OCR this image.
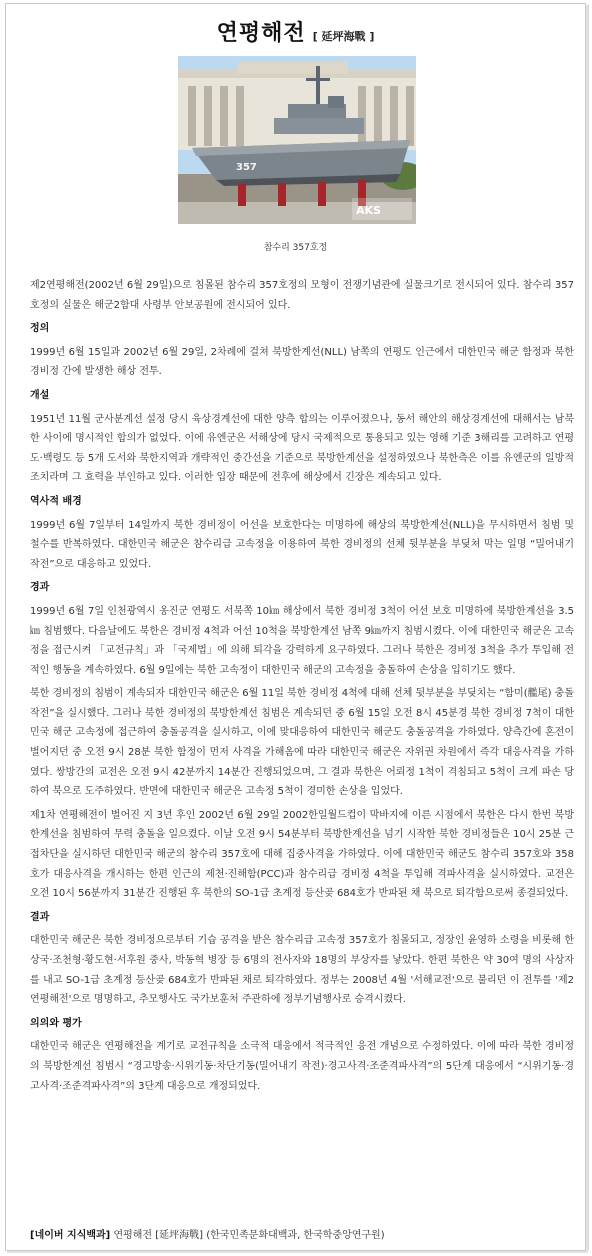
연평해전 [ 延坪海戰 ]
357
AKS
참수리 357호정

제2연평해전(2002년 6월 29일)으로 침몰된 참수리 357호정의 모형이 전쟁기념관에 실물크기로 전시되어 있다. 참수리 357호정의 실물은 해군2함대 사령부 안보공원에 전시되어 있다.

정의

1999년 6월 15일과 2002년 6월 29일, 2차례에 걸쳐 북방한계선(NLL) 남쪽의 연평도 인근에서 대한민국 해군 함정과 북한 경비정 간에 발생한 해상 전투.

개설

1951년 11월 군사분계선 설정 당시 육상경계선에 대한 양측 합의는 이루어졌으나, 동서 해안의 해상경계선에 대해서는 남북한 사이에 명시적인 합의가 없었다. 이에 유엔군은 서해상에 당시 국제적으로 통용되고 있는 영해 기준 3해리를 고려하고 연평도·백령도 등 5개 도서와 북한지역과 개략적인 중간선을 기준으로 북방한계선을 설정하였으나 북한측은 이를 유엔군의 일방적 조치라며 그 효력을 부인하고 있다. 이러한 입장 때문에 전후에 해상에서 긴장은 계속되고 있다.

역사적 배경

1999년 6월 7일부터 14일까지 북한 경비정이 어선을 보호한다는 미명하에 해상의 북방한계선(NLL)을 무시하면서 침범 및 철수를 반복하였다. 대한민국 해군은 참수리급 고속정을 이용하여 북한 경비정의 선체 뒷부분을 부딪쳐 막는 일명 “밀어내기 작전”으로 대응하고 있었다.

경과

1999년 6월 7일 인천광역시 옹진군 연평도 서북쪽 10㎞ 해상에서 북한 경비정 3척이 어선 보호 미명하에 북방한계선을 3.5㎞ 침범했다. 다음날에도 북한은 경비정 4척과 어선 10척을 북방한계선 남쪽 9㎞까지 침범시켰다. 이에 대한민국 해군은 고속정을 접근시켜 「교전규칙」과 「국제법」에 의해 퇴각을 강력하게 요구하였다. 그러나 북한은 경비정 3척을 추가 투입해 전적인 행동을 계속하였다. 6월 9일에는 북한 고속정이 대한민국 해군의 고속정을 충돌하여 손상을 입히기도 했다.

북한 경비정의 침범이 계속되자 대한민국 해군은 6월 11일 북한 경비정 4척에 대해 선체 뒷부분을 부딪치는 “함미(艦尾) 충돌작전”을 실시했다. 그러나 북한 경비정의 북방한계선 침범은 계속되던 중 6월 15일 오전 8시 45분경 북한 경비정 7척이 대한민국 해군 고속정에 접근하여 충돌공격을 실시하고, 이에 맞대응하여 대한민국 해군도 충돌공격을 가하였다. 양측간에 혼전이 벌어지던 중 오전 9시 28분 북한 함정이 먼저 사격을 가해옴에 따라 대한민국 해군은 자위권 차원에서 즉각 대응사격을 가하였다. 쌍방간의 교전은 오전 9시 42분까지 14분간 진행되었으며, 그 결과 북한은 어뢰정 1척이 격침되고 5척이 크게 파손 당하여 북으로 도주하였다. 반면에 대한민국 해군은 고속정 5척이 경미한 손상을 입었다.

제1차 연평해전이 벌어진 지 3년 후인 2002년 6월 29일 2002한일월드컵이 막바지에 이른 시점에서 북한은 다시 한번 북방한계선을 침범하여 무력 충돌을 일으켰다. 이날 오전 9시 54분부터 북방한계선을 넘기 시작한 북한 경비정들은 10시 25분 근접차단을 실시하던 대한민국 해군의 참수리 357호에 대해 집중사격을 가하였다. 이에 대한민국 해군도 참수리 357호와 358호가 대응사격을 개시하는 한편 인근의 제천·진해함(PCC)과 참수리급 경비정 4척을 투입해 격파사격을 실시하였다. 교전은 오전 10시 56분까지 31분간 진행된 후 북한의 SO-1급 초계정 등산곶 684호가 반파된 채 북으로 퇴각함으로써 종결되었다.

결과

대한민국 해군은 북한 경비정으로부터 기습 공격을 받은 참수리급 고속정 357호가 침몰되고, 정장인 윤영하 소령을 비롯해 한상국·조천형·황도현·서후원 중사, 박동혁 병장 등 6명의 전사자와 18명의 부상자를 낳았다. 한편 북한은 약 30여 명의 사상자를 내고 SO-1급 초계정 등산곶 684호가 반파된 채로 퇴각하였다. 정부는 2008년 4월 '서해교전'으로 불리던 이 전투를 '제2연평해전'으로 명명하고, 추모행사도 국가보훈처 주관하에 정부기념행사로 승격시켰다.

의의와 평가

대한민국 해군은 연평해전을 계기로 교전규칙을 소극적 대응에서 적극적인 응전 개념으로 수정하였다. 이에 따라 북한 경비정의 북방한계선 침범시 “경고방송·시위기동·차단기동(밀어내기 작전)·경고사격·조준격파사격”의 5단계 대응에서 “시위기동·경고사격·조준격파사격”의 3단계 대응으로 개정되었다.

[네이버 지식백과] 연평해전 [延坪海戰] (한국민족문화대백과, 한국학중앙연구원)
